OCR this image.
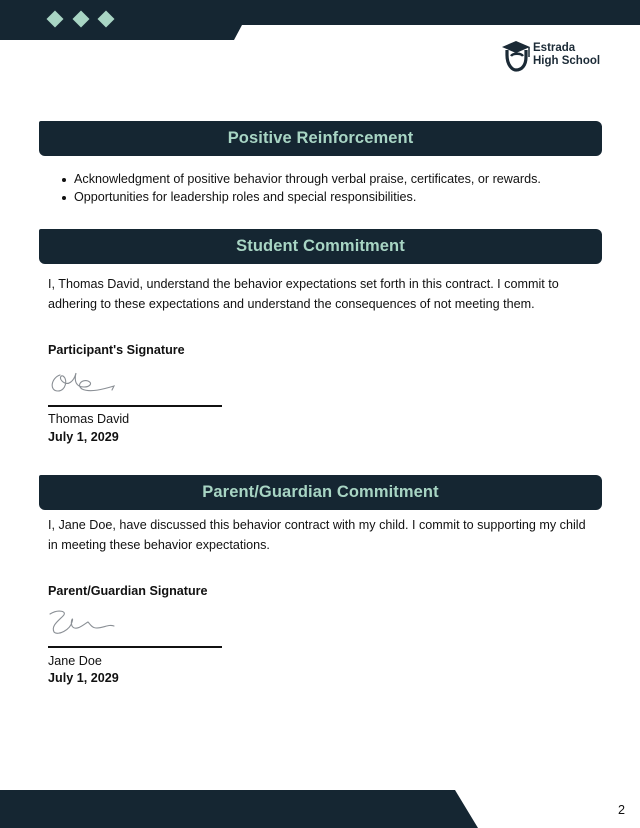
Estrada
High School
Positive Reinforcement
Acknowledgment of positive behavior through verbal praise, certificates, or rewards.
Opportunities for leadership roles and special responsibilities.
Student Commitment

I, Thomas David, understand the behavior expectations set forth in this contract. I commit to adhering to these expectations and understand the consequences of not meeting them.

Participant's Signature
Thomas David
July 1, 2029
Parent/Guardian Commitment

I, Jane Doe, have discussed this behavior contract with my child. I commit to supporting my child in meeting these behavior expectations.

Parent/Guardian Signature
Jane Doe
July 1, 2029
2
